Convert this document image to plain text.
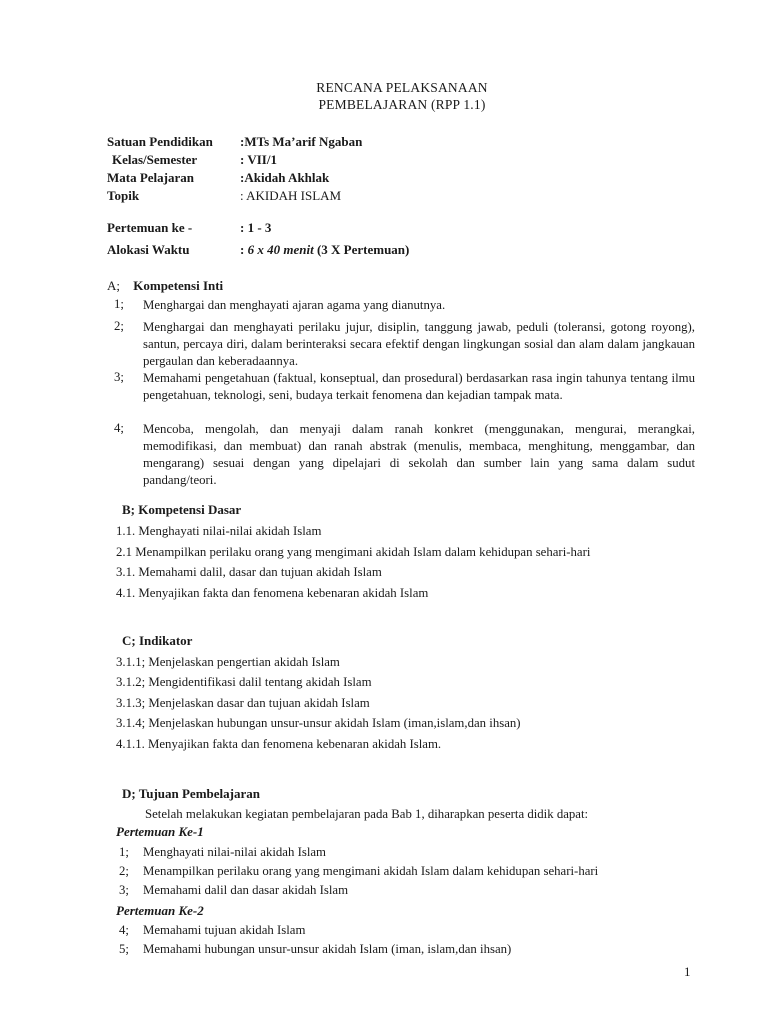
RENCANA PELAKSANAAN
PEMBELAJARAN (RPP 1.1)
Satuan Pendidikan :MTs Ma’arif Ngaban
Kelas/Semester	: VII/1
Mata Pelajaran	:Akidah Akhlak
Topik	: AKIDAH ISLAM
Pertemuan ke -	: 1 - 3
Alokasi Waktu	: 6 x 40 menit (3 X Pertemuan)
A; Kompetensi Inti
1; Menghargai dan menghayati ajaran agama yang dianutnya.
2; Menghargai dan menghayati perilaku jujur, disiplin, tanggung jawab, peduli (toleransi, gotong royong), santun, percaya diri, dalam berinteraksi secara efektif dengan lingkungan sosial dan alam dalam jangkauan pergaulan dan keberadaannya.
3; Memahami pengetahuan (faktual, konseptual, dan prosedural) berdasarkan rasa ingin tahunya tentang ilmu pengetahuan, teknologi, seni, budaya terkait fenomena dan kejadian tampak mata.
4; Mencoba, mengolah, dan menyaji dalam ranah konkret (menggunakan, mengurai, merangkai, memodifikasi, dan membuat) dan ranah abstrak (menulis, membaca, menghitung, menggambar, dan mengarang) sesuai dengan yang dipelajari di sekolah dan sumber lain yang sama dalam sudut pandang/teori.
B; Kompetensi Dasar
1.1. Menghayati nilai-nilai akidah Islam
2.1 Menampilkan perilaku orang yang mengimani akidah Islam dalam kehidupan sehari-hari
3.1. Memahami dalil, dasar dan tujuan akidah Islam
4.1. Menyajikan fakta dan fenomena kebenaran akidah Islam
C; Indikator
3.1.1; Menjelaskan pengertian akidah Islam
3.1.2; Mengidentifikasi dalil tentang akidah Islam
3.1.3; Menjelaskan dasar dan tujuan akidah Islam
3.1.4; Menjelaskan hubungan unsur-unsur akidah Islam (iman,islam,dan ihsan)
4.1.1. Menyajikan fakta dan fenomena kebenaran akidah Islam.
D; Tujuan Pembelajaran
Setelah melakukan kegiatan pembelajaran pada Bab 1, diharapkan peserta didik dapat:
Pertemuan Ke-1
1; Menghayati nilai-nilai akidah Islam
2; Menampilkan perilaku orang yang mengimani akidah Islam dalam kehidupan sehari-hari
3; Memahami dalil dan dasar akidah Islam
Pertemuan Ke-2
4; Memahami tujuan akidah Islam
5; Memahami hubungan unsur-unsur akidah Islam (iman, islam,dan ihsan)
1
